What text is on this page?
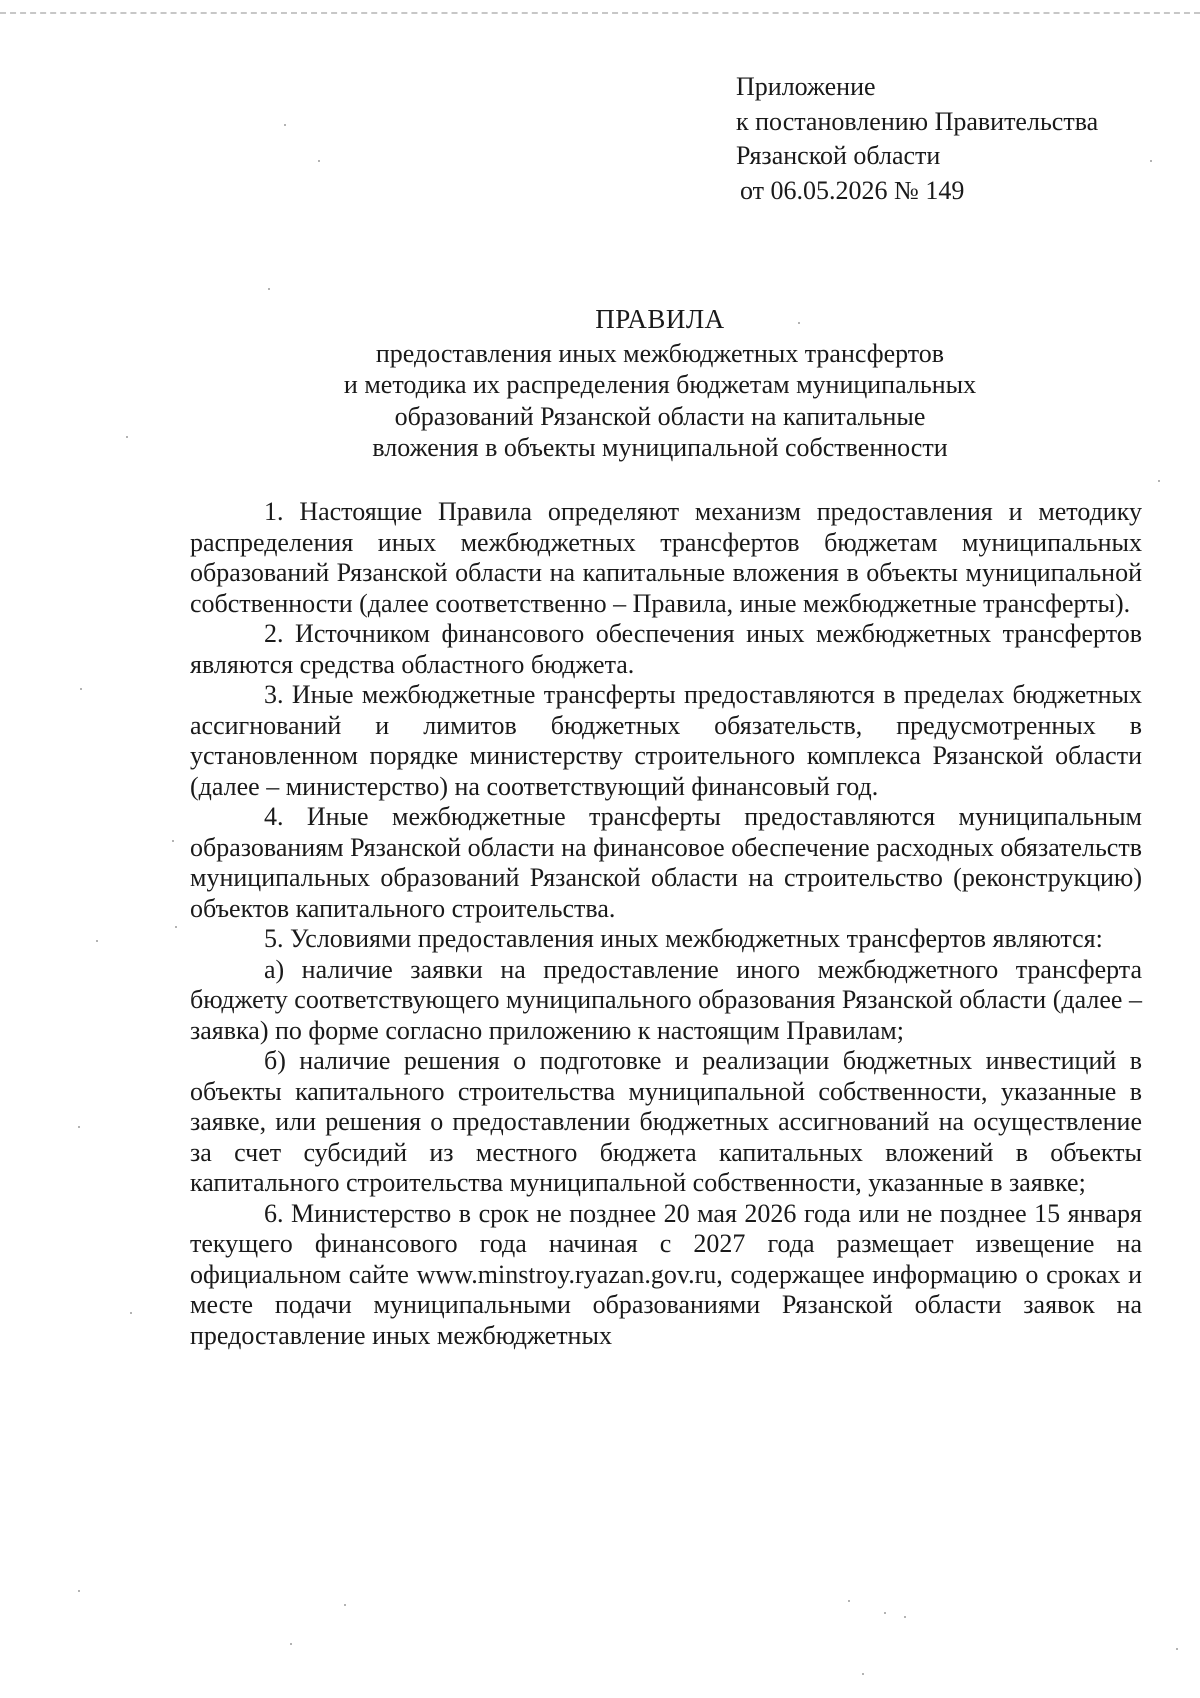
Приложение
к постановлению Правительства
Рязанской области
от 06.05.2026 № 149
ПРАВИЛА
предоставления иных межбюджетных трансфертов
и методика их распределения бюджетам муниципальных
образований Рязанской области на капитальные
вложения в объекты муниципальной собственности

1. Настоящие Правила определяют механизм предоставления и методику распределения иных межбюджетных трансфертов бюджетам муниципальных образований Рязанской области на капитальные вложения в объекты муниципальной собственности (далее соответственно – Правила, иные межбюджетные трансферты).

2. Источником финансового обеспечения иных межбюджетных трансфертов являются средства областного бюджета.

3. Иные межбюджетные трансферты предоставляются в пределах бюджетных ассигнований и лимитов бюджетных обязательств, предусмотренных в установленном порядке министерству строительного комплекса Рязанской области (далее – министерство) на соответствующий финансовый год.

4. Иные межбюджетные трансферты предоставляются муниципальным образованиям Рязанской области на финансовое обеспечение расходных обязательств муниципальных образований Рязанской области на строительство (реконструкцию) объектов капитального строительства.

5. Условиями предоставления иных межбюджетных трансфертов являются:

а) наличие заявки на предоставление иного межбюджетного трансферта бюджету соответствующего муниципального образования Рязанской области (далее – заявка) по форме согласно приложению к настоящим Правилам;

б) наличие решения о подготовке и реализации бюджетных инвестиций в объекты капитального строительства муниципальной собственности, указанные в заявке, или решения о предоставлении бюджетных ассигнований на осуществление за счет субсидий из местного бюджета капитальных вложений в объекты капитального строительства муниципальной собственности, указанные в заявке;

6. Министерство в срок не позднее 20 мая 2026 года или не позднее 15 января текущего финансового года начиная с 2027 года размещает извещение на официальном сайте www.minstroy.ryazan.gov.ru, содержащее информацию о сроках и месте подачи муниципальными образованиями Рязанской области заявок на предоставление иных межбюджетных
